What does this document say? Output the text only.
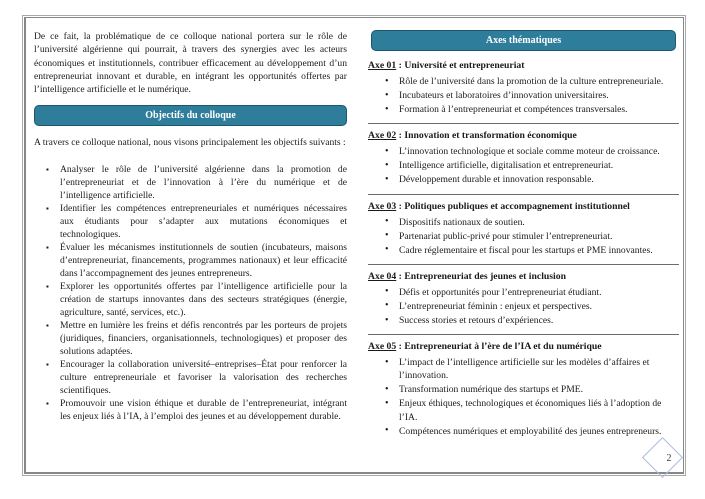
De ce fait, la problématique de ce colloque national portera sur le rôle de l’université algérienne qui pourrait, à travers des synergies avec les acteurs économiques et institutionnels, contribuer efficacement au développement d’un entrepreneuriat innovant et durable, en intégrant les opportunités offertes par l’intelligence artificielle et le numérique.

Objectifs du colloque

A travers ce colloque national, nous visons principalement les objectifs suivants :

▪ Analyser le rôle de l’université algérienne dans la promotion de l’entrepreneuriat et de l’innovation à l’ère du numérique et de l’intelligence artificielle.
▪ Identifier les compétences entrepreneuriales et numériques nécessaires aux étudiants pour s’adapter aux mutations économiques et technologiques.
▪ Évaluer les mécanismes institutionnels de soutien (incubateurs, maisons d’entrepreneuriat, financements, programmes nationaux) et leur efficacité dans l’accompagnement des jeunes entrepreneurs.
▪ Explorer les opportunités offertes par l’intelligence artificielle pour la création de startups innovantes dans des secteurs stratégiques (énergie, agriculture, santé, services, etc.).
▪ Mettre en lumière les freins et défis rencontrés par les porteurs de projets (juridiques, financiers, organisationnels, technologiques) et proposer des solutions adaptées.
▪ Encourager la collaboration université–entreprises–État pour renforcer la culture entrepreneuriale et favoriser la valorisation des recherches scientifiques.
▪ Promouvoir une vision éthique et durable de l’entrepreneuriat, intégrant les enjeux liés à l’IA, à l’emploi des jeunes et au développement durable.
Axes thématiques
Axe 01 : Université et entrepreneuriat
• Rôle de l’université dans la promotion de la culture entrepreneuriale.
• Incubateurs et laboratoires d’innovation universitaires.
• Formation à l’entrepreneuriat et compétences transversales.
Axe 02 : Innovation et transformation économique
• L’innovation technologique et sociale comme moteur de croissance.
• Intelligence artificielle, digitalisation et entrepreneuriat.
• Développement durable et innovation responsable.
Axe 03 : Politiques publiques et accompagnement institutionnel
• Dispositifs nationaux de soutien.
• Partenariat public-privé pour stimuler l’entrepreneuriat.
• Cadre réglementaire et fiscal pour les startups et PME innovantes.
Axe 04 : Entrepreneuriat des jeunes et inclusion
• Défis et opportunités pour l’entrepreneuriat étudiant.
• L’entrepreneuriat féminin : enjeux et perspectives.
• Success stories et retours d’expériences.
Axe 05 : Entrepreneuriat à l’ère de l’IA et du numérique
• L’impact de l’intelligence artificielle sur les modèles d’affaires et l’innovation.
• Transformation numérique des startups et PME.
• Enjeux éthiques, technologiques et économiques liés à l’adoption de l’IA.
• Compétences numériques et employabilité des jeunes entrepreneurs.
2
